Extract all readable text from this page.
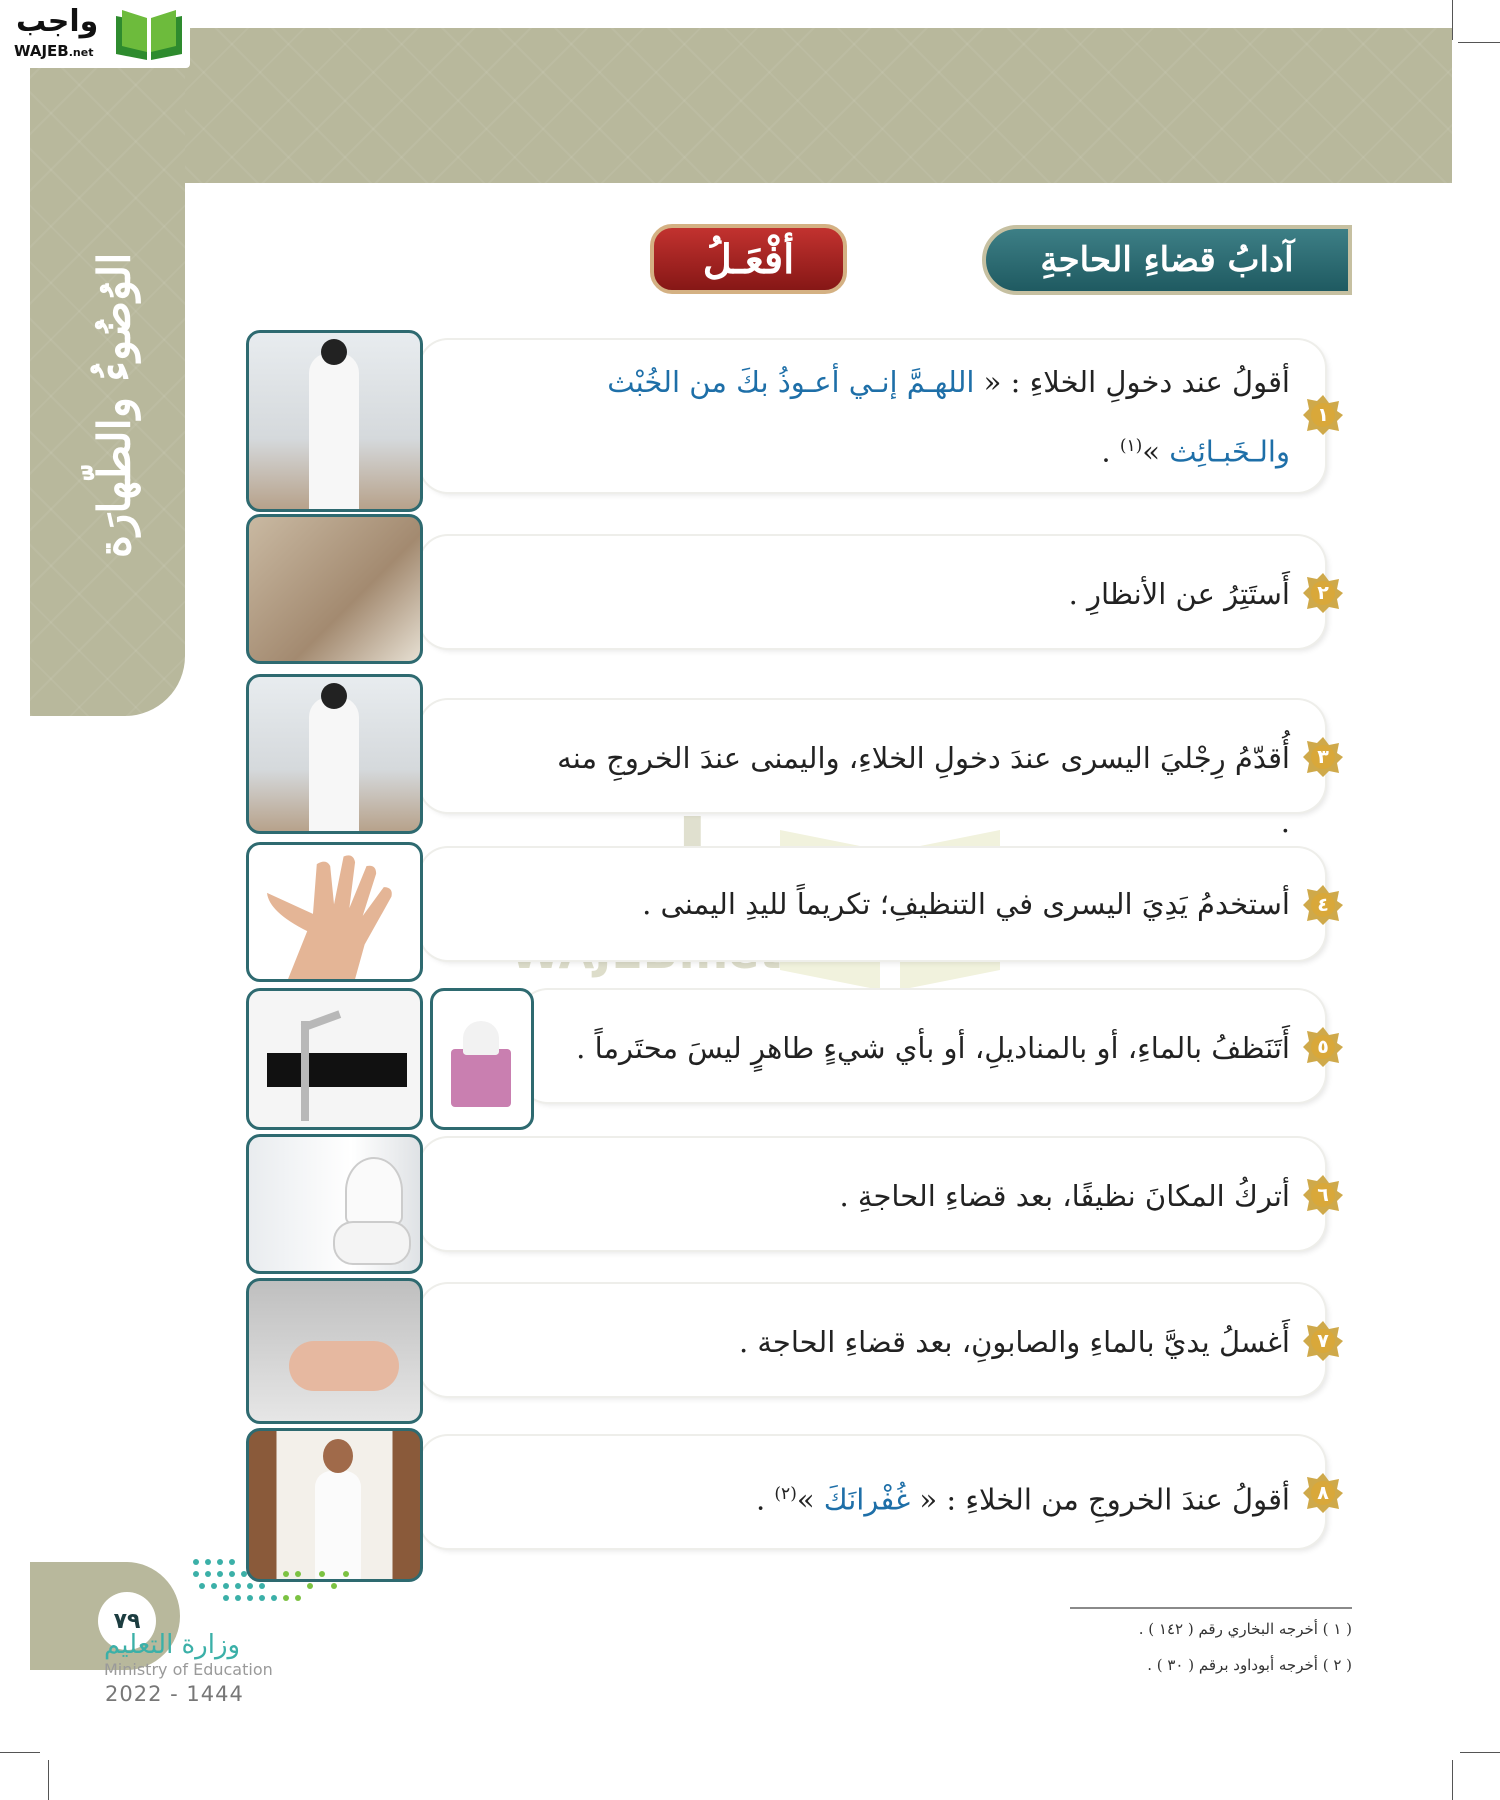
الوُضُوءُ والطّهارَة
واجب
WAJEB.net
آدابُ قضاءِ الحاجةِ
أفْعَـلُ
أقولُ عند دخولِ الخلاءِ : « اللهـمَّ إنـي أعـوذُ بكَ من الخُبْث والـخَبـائِث »$^{(١)}$ .
١
أَستَتِرُ عن الأنظارِ .	٢
أُقدّمُ رِجْليَ اليسرى عندَ دخولِ الخلاءِ، واليمنى عندَ الخروجِ منه .
٣
أستخدمُ يَدِيَ اليسرى في التنظيفِ؛ تكريماً لليدِ اليمنى .	٤
أَتَنَظفُ بالماءِ، أو بالمناديلِ، أو بأي شيءٍ طاهرٍ ليسَ محتَرماً .	٥
أتركُ المكانَ نظيفًا، بعد قضاءِ الحاجةِ .	٦
أَغسلُ يديَّ بالماءِ والصابونِ، بعد قضاءِ الحاجة .	٧
أقولُ عندَ الخروجِ من الخلاءِ : « غُفْرانَكَ »$^{(٢)}$ .	٨
( ١ ) أخرجه البخاري رقم ( ١٤٢ ) .
( ٢ ) أخرجه أبوداود برقم ( ٣٠ ) .
٧٩
وزارة التعليم
Ministry of Education
2022 - 1444
